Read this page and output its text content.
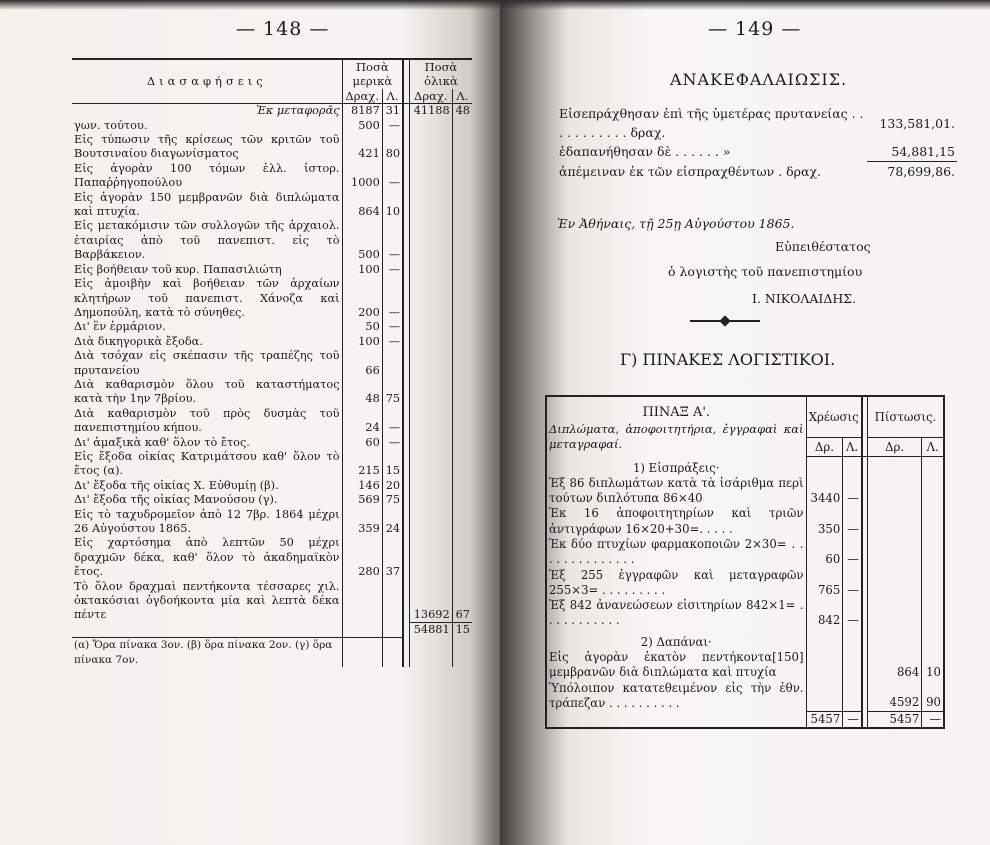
— 148 —
Διασαφήσεις	Ποσὰ μερικὰ			Ποσὰ ὁλικὰ	
	Δραχ.	Λ.		Δραχ.	Λ.
Ἐκ μεταφορᾶς	8187	31		41188	48
γων. τούτου.	500	—			
Εἰς τύπωσιν τῆς κρίσεως τῶν κριτῶν τοῦ Βουτσιναίου διαγωνίσματος	421	80			
Εἰς ἀγορὰν 100 τόμων ἑλλ. ἱστορ. Παπαῤῥηγοπούλου	1000	—			
Εἰς ἀγορὰν 150 μεμβρανῶν διὰ διπλώματα καὶ πτυχία.	864	10			
Εἰς μετακόμισιν τῶν συλλογῶν τῆς ἀρχαιολ. ἑταιρίας ἀπὸ τοῦ πανεπιστ. εἰς τὸ Βαρβάκειον.	500	—			
Εἰς βοήθειαν τοῦ κυρ. Παπασιλιώτη	100	—			
Εἰς ἀμοιβὴν καὶ βοήθειαν τῶν ἀρχαίων κλητήρων τοῦ πανεπιστ. Χάνοζα καὶ Δημοπούλη, κατὰ τὸ σύνηθες.	200	—			
Δι' ἓν ἑρμάριον.	50	—			
Διὰ δικηγορικὰ ἔξοδα.	100	—			
Διὰ τσόχαν εἰς σκέπασιν τῆς τραπέζης τοῦ πρυτανείου	66				
Διὰ καθαρισμὸν ὅλου τοῦ καταστήματος κατὰ τὴν 1ην 7βρίου.	48	75			
Διὰ καθαρισμὸν τοῦ πρὸς δυσμὰς τοῦ πανεπιστημίου κήπου.	24	—			
Δι' ἁμαξικὰ καθ' ὅλον τὸ ἔτος.	60	—			
Εἰς ἔξοδα οἰκίας Κατριμάτσου καθ' ὅλον τὸ ἔτος (α).	215	15			
Δι' ἔξοδα τῆς οἰκίας Χ. Εὐθυμίῃ (β).	146	20			
Δι' ἔξοδα τῆς οἰκίας Μανούσου (γ).	569	75			
Εἰς τὸ ταχυδρομεῖον ἀπὸ 12 7βρ. 1864 μέχρι 26 Αὐγούστου 1865.	359	24			
Εἰς χαρτόσημα ἀπὸ λεπτῶν 50 μέχρι δραχμῶν δέκα, καθ' ὅλον τὸ ἀκαδημαϊκὸν ἔτος.	280	37			
Τὸ ὅλον δραχμαὶ πεντήκοντα τέσσαρες χιλ. ὀκτακόσιαι ὀγδοήκοντα μία καὶ λεπτὰ δέκα πέντε				13692	67
				54881	15
(α) Ὅρα πίνακα 3ον. (β) ὅρα πίνακα 2ον. (γ) ὅρα πίνακα 7ον.					
— 149 —
ΑΝΑΚΕΦΑΛΑΙΩΣΙΣ.
Εἰσεπράχθησαν ἐπὶ τῆς ὑμετέρας πρυτανείας . . . . . . . . . . . δραχ.	133,581,01.
ἐδαπανήθησαν δὲ . . . . . . »	54,881,15
ἀπέμειναν ἐκ τῶν εἰσπραχθέντων . δραχ.	78,699,86.
Ἐν Ἀθήναις, τῇ 25ῃ Αὐγούστου 1865.
Εὐπειθέστατος
ὁ λογιστὴς τοῦ πανεπιστημίου
Ι. ΝΙΚΟΛΑΙΔΗΣ.
Γ) ΠΙΝΑΚΕΣ ΛΟΓΙΣΤΙΚΟΙ.
ΠΙΝΑΞ Α'.
Διπλώματα, ἀποφοιτητήρια, ἐγγραφαὶ καὶ μεταγραφαί.	Χρέωσις			Πίστωσις.	
	Δρ.	Λ.		Δρ.	Λ.
1) Εἰσπράξεις·					
Ἐξ 86 διπλωμάτων κατὰ τὰ ἰσάριθμα περὶ τούτων διπλότυπα 86×40	3440	—			
Ἐκ 16 ἀποφοιτητηρίων καὶ τριῶν ἀντιγράφων 16×20+30=. . . . .	350	—			
Ἐκ δύο πτυχίων φαρμακοποιῶν 2×30= . . . . . . . . . . . . . .	60	—			
Ἐξ 255 ἐγγραφῶν καὶ μεταγραφῶν 255×3= . . . . . . . . .	765	—			
Ἐξ 842 ἀνανεώσεων εἰσιτηρίων 842×1= . . . . . . . . . . .	842	—			
2) Δαπάναι·					
Εἰς ἀγορὰν ἑκατὸν πεντήκοντα[150] μεμβρανῶν διὰ διπλώματα καὶ πτυχία				864	10
Ὑπόλοιπον κατατεθειμένον εἰς τὴν ἐθν. τράπεζαν . . . . . . . . . .				4592	90
	5457	—		5457	—
